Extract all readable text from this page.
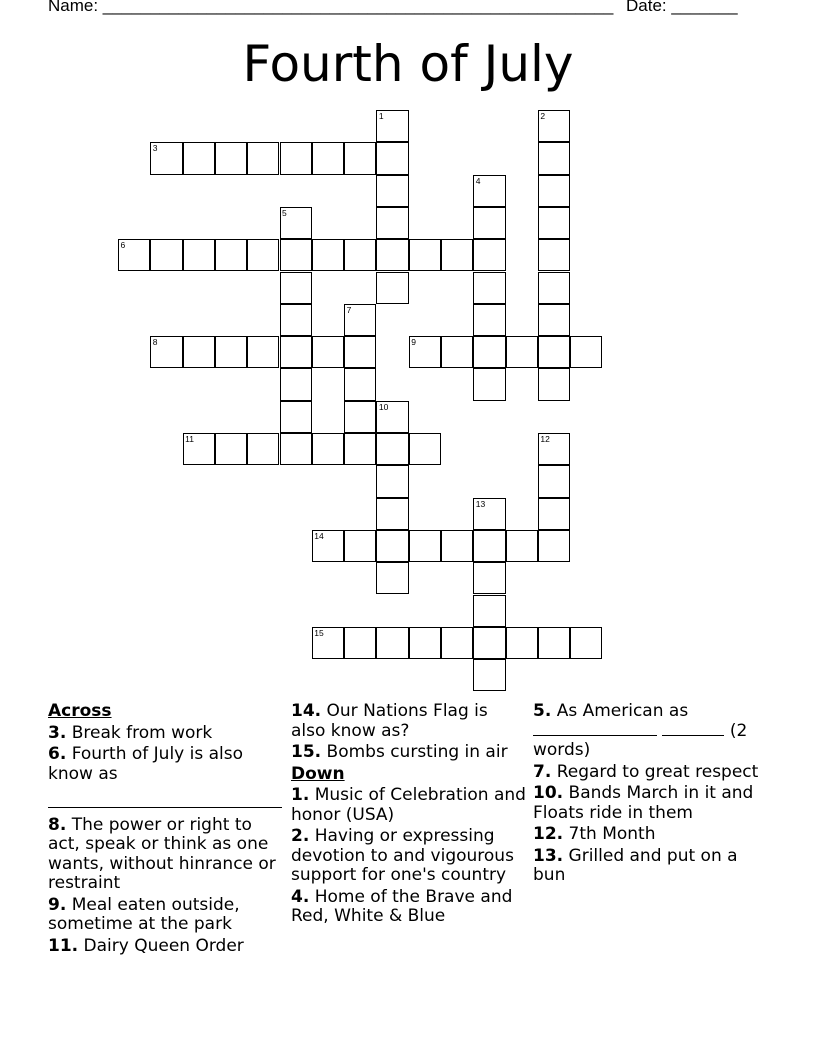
Name: ______________________________________________________ Date: _______
Fourth of July
1	2
3
4
5
6
7
8	9
10
11	12
13
14
15
Across
3. Break from work
6. Fourth of July is also know as

8. The power or right to act, speak or think as one wants, without hinrance or restraint
9. Meal eaten outside, sometime at the park
11. Dairy Queen Order
14. Our Nations Flag is also know as?
15. Bombs cursting in air
Down
1. Music of Celebration and honor (USA)
2. Having or expressing devotion to and vigourous support for one's country
4. Home of the Brave and Red, White & Blue
5. As American as
(2 words)
7. Regard to great respect
10. Bands March in it and Floats ride in them
12. 7th Month
13. Grilled and put on a bun
